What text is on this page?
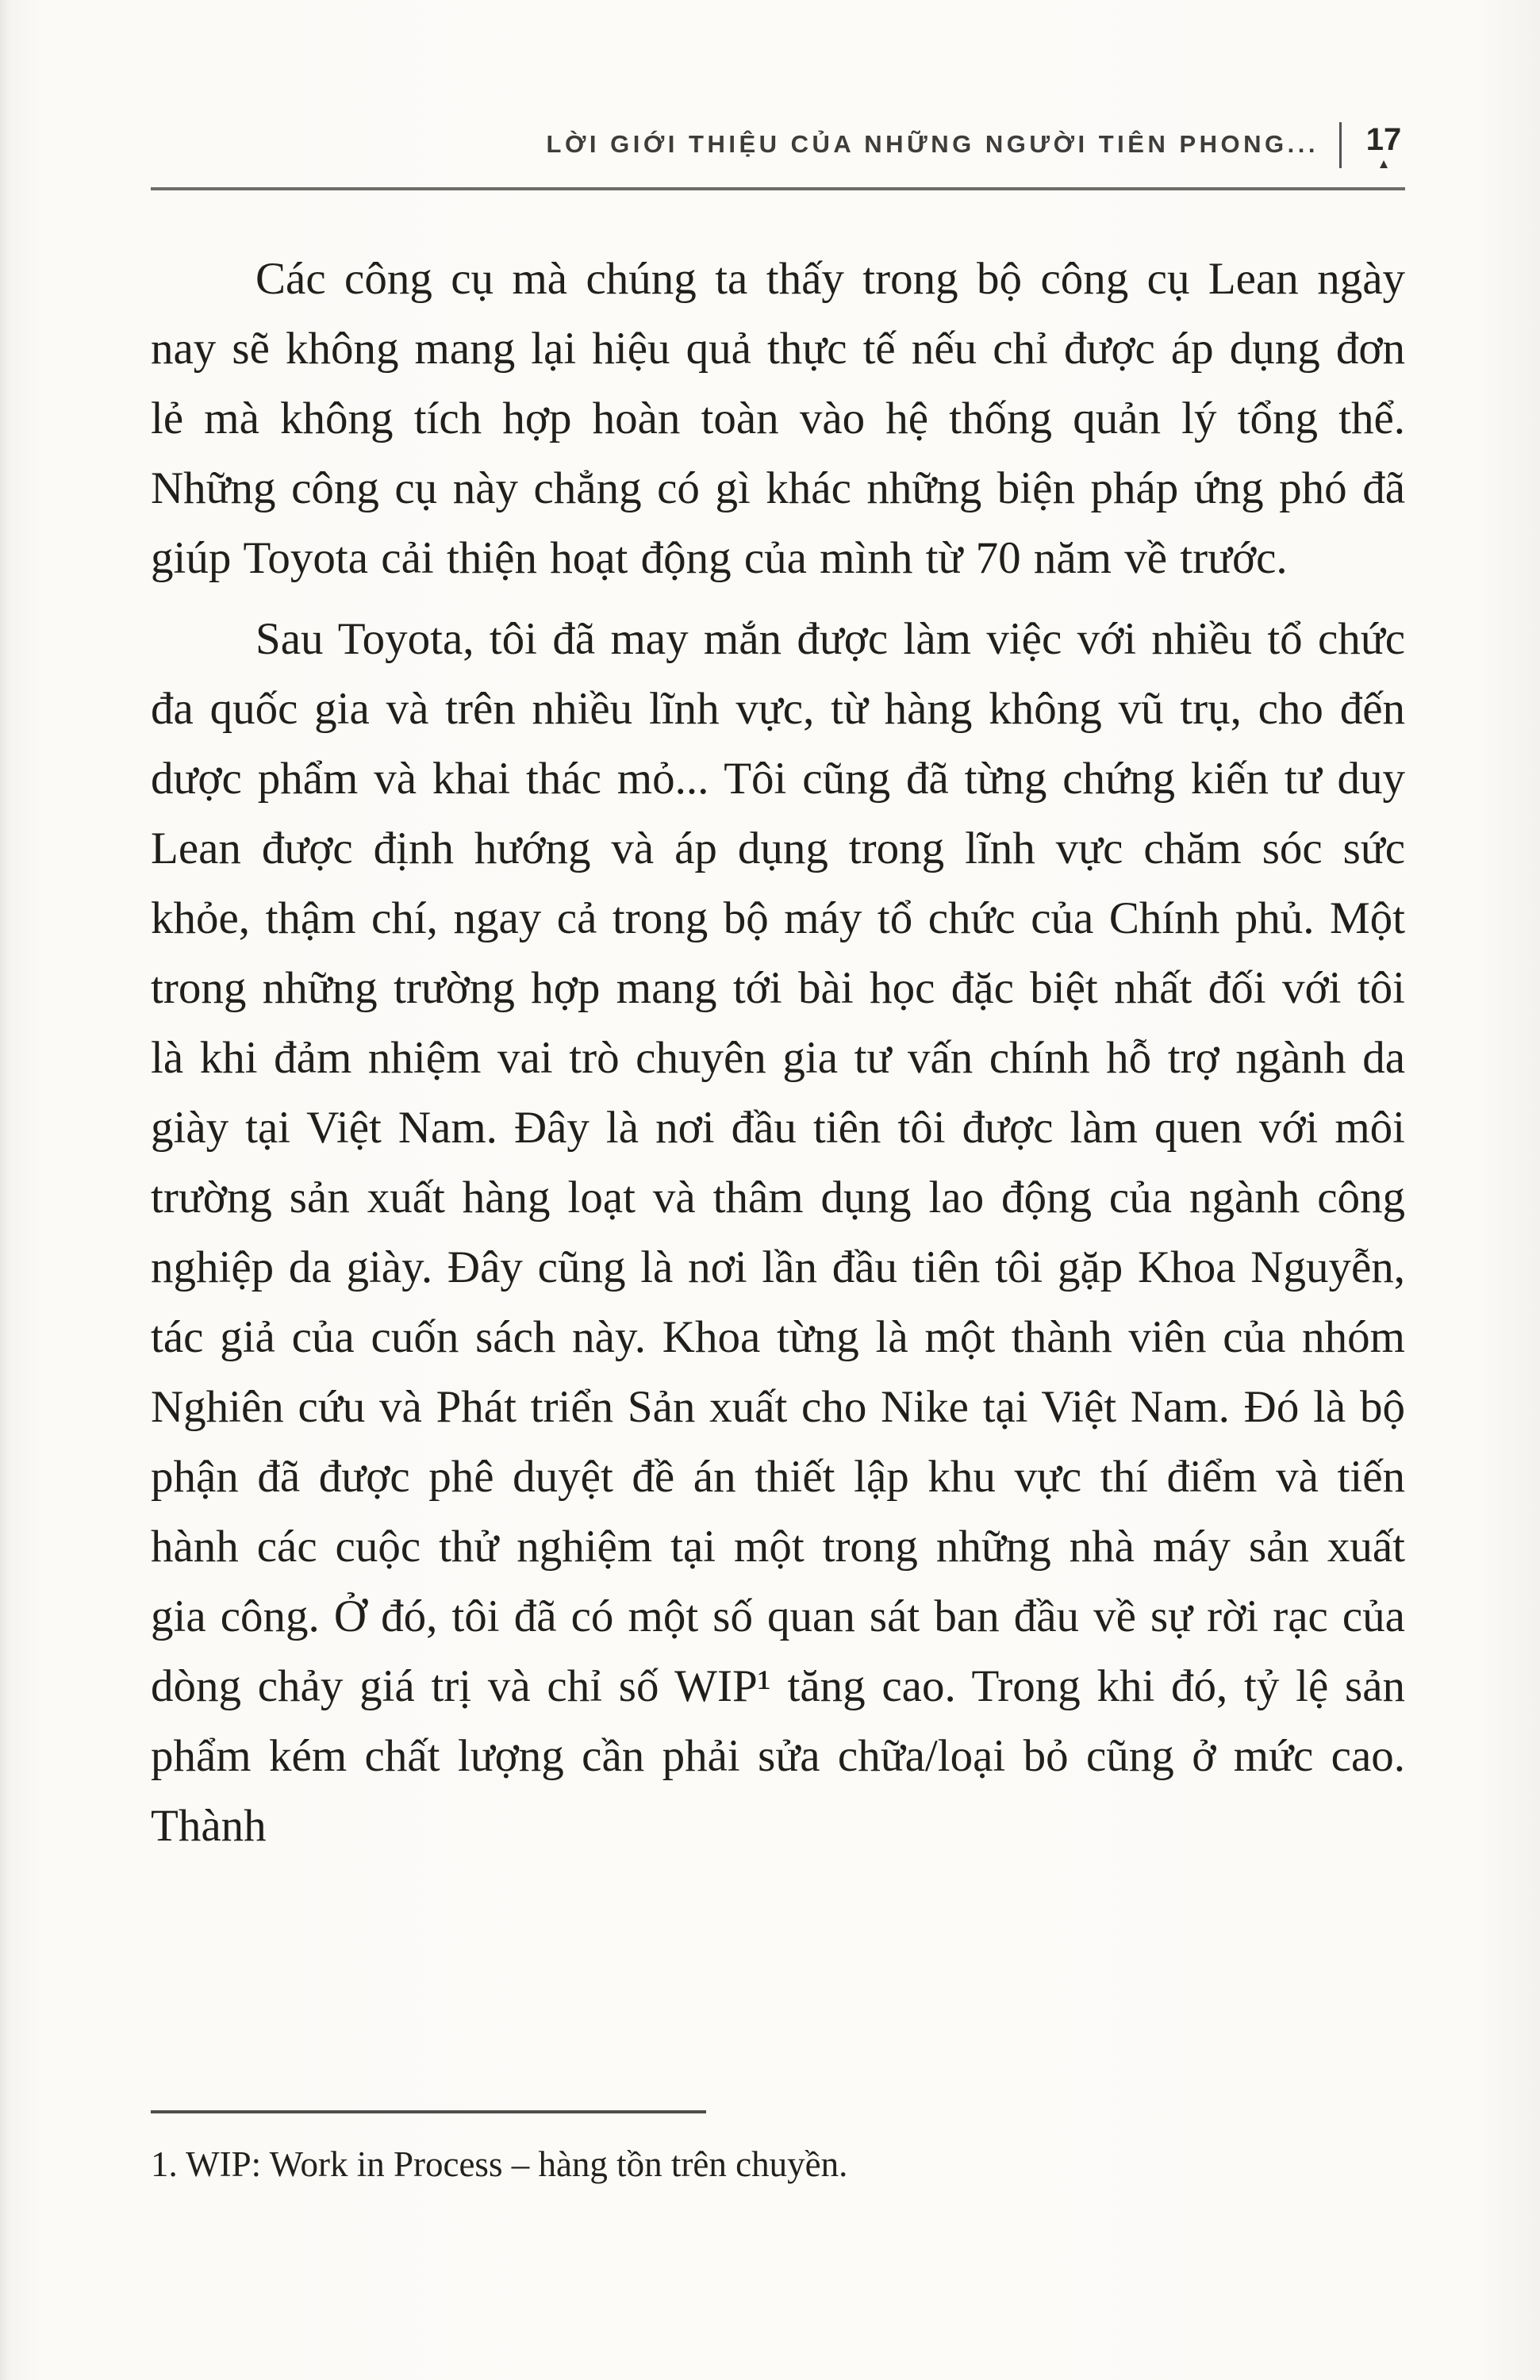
LỜI GIỚI THIỆU CỦA NHỮNG NGƯỜI TIÊN PHONG... 17
▲

Các công cụ mà chúng ta thấy trong bộ công cụ Lean ngày nay sẽ không mang lại hiệu quả thực tế nếu chỉ được áp dụng đơn lẻ mà không tích hợp hoàn toàn vào hệ thống quản lý tổng thể. Những công cụ này chẳng có gì khác những biện pháp ứng phó đã giúp Toyota cải thiện hoạt động của mình từ 70 năm về trước.

Sau Toyota, tôi đã may mắn được làm việc với nhiều tổ chức đa quốc gia và trên nhiều lĩnh vực, từ hàng không vũ trụ, cho đến dược phẩm và khai thác mỏ... Tôi cũng đã từng chứng kiến tư duy Lean được định hướng và áp dụng trong lĩnh vực chăm sóc sức khỏe, thậm chí, ngay cả trong bộ máy tổ chức của Chính phủ. Một trong những trường hợp mang tới bài học đặc biệt nhất đối với tôi là khi đảm nhiệm vai trò chuyên gia tư vấn chính hỗ trợ ngành da giày tại Việt Nam. Đây là nơi đầu tiên tôi được làm quen với môi trường sản xuất hàng loạt và thâm dụng lao động của ngành công nghiệp da giày. Đây cũng là nơi lần đầu tiên tôi gặp Khoa Nguyễn, tác giả của cuốn sách này. Khoa từng là một thành viên của nhóm Nghiên cứu và Phát triển Sản xuất cho Nike tại Việt Nam. Đó là bộ phận đã được phê duyệt đề án thiết lập khu vực thí điểm và tiến hành các cuộc thử nghiệm tại một trong những nhà máy sản xuất gia công. Ở đó, tôi đã có một số quan sát ban đầu về sự rời rạc của dòng chảy giá trị và chỉ số WIP¹ tăng cao. Trong khi đó, tỷ lệ sản phẩm kém chất lượng cần phải sửa chữa/loại bỏ cũng ở mức cao. Thành

1. WIP: Work in Process – hàng tồn trên chuyền.
